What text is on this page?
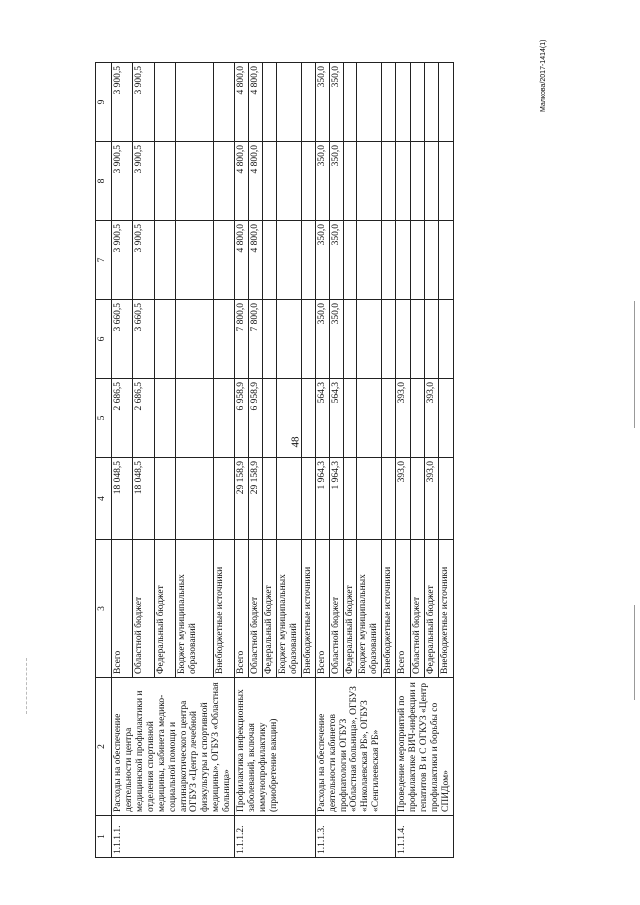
48
Малкова/2017-1414(1)
1	2	3	4	5	6	7	8	9
1.1.1.1.	Расходы на обеспечение деятельности центра медицинской профилактики и отделения спортивной медицины, кабинета медико-социальной помощи и антинаркотического центра ОГБУЗ «Центр лечебной физкультуры и спортивной медицины», ОГБУЗ «Областная больница»	Всего	18 048,5	2 686,5	3 660,5	3 900,5	3 900,5	3 900,5
		Областной бюджет	18 048,5	2 686,5	3 660,5	3 900,5	3 900,5	3 900,5
		Федеральный бюджет						
		Бюджет муниципальных образований						
		Внебюджетные источники						
1.1.1.2.	Профилактика инфекционных заболеваний, включая иммунопрофилактику (приобретение вакцин)	Всего	29 158,9	6 958,9	7 800,0	4 800,0	4 800,0	4 800,0
		Областной бюджет	29 158,9	6 958,9	7 800,0	4 800,0	4 800,0	4 800,0
		Федеральный бюджет						
		Бюджет муниципальных образований						
		Внебюджетные источники						
1.1.1.3.	Расходы на обеспечение деятельности кабинетов профпатологии ОГБУЗ «Областная больница», ОГБУЗ «Николаевская РБ», ОГБУЗ «Сенгилеевская РБ»	Всего	1 964,3	564,3	350,0	350,0	350,0	350,0
		Областной бюджет	1 964,3	564,3	350,0	350,0	350,0	350,0
		Федеральный бюджет						
		Бюджет муниципальных образований						
		Внебюджетные источники						
1.1.1.4.	Проведение мероприятий по профилактике ВИЧ-инфекции и гепатитов В и С ОГКУЗ «Центр профилактики и борьбы со СПИДом»	Всего	393,0	393,0				
		Областной бюджет						
		Федеральный бюджет	393,0	393,0				
		Внебюджетные источники						
